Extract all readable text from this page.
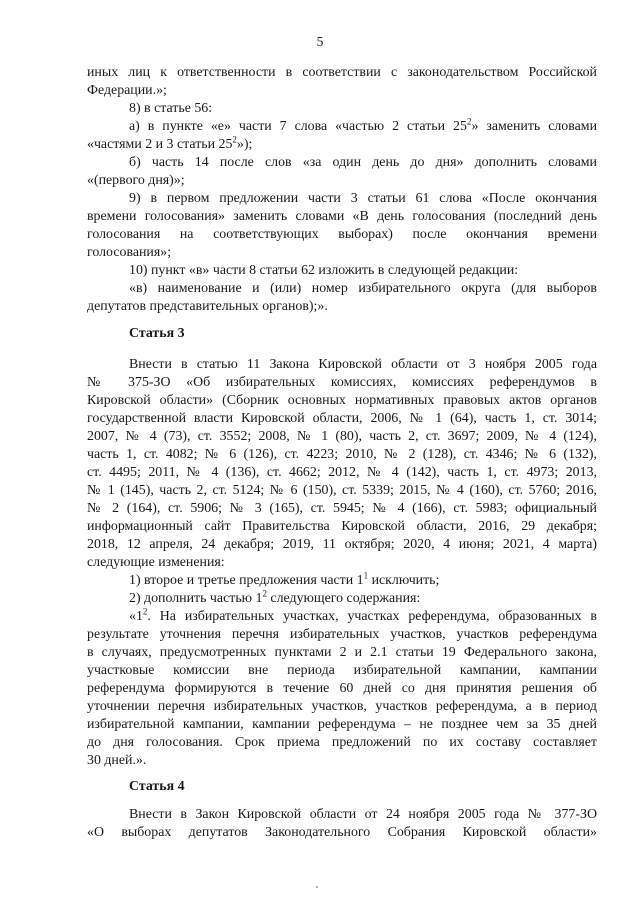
5
иных лиц к ответственности в соответствии с законодательством Российской
Федерации.»;
8) в статье 56:
а) в пункте «е» части 7 слова «частью 2 статьи $25^2$» заменить словами
«частями 2 и 3 статьи $25^2$»);
б) часть 14 после слов «за один день до дня» дополнить словами
«(первого дня)»;
9) в первом предложении части 3 статьи 61 слова «После окончания
времени голосования» заменить словами «В день голосования (последний день
голосования на соответствующих выборах) после окончания времени
голосования»;
10) пункт «в» части 8 статьи 62 изложить в следующей редакции:
«в) наименование и (или) номер избирательного округа (для выборов
депутатов представительных органов);».
Статья 3
Внести в статью 11 Закона Кировской области от 3 ноября 2005 года
№ 375-ЗО «Об избирательных комиссиях, комиссиях референдумов в
Кировской области» (Сборник основных нормативных правовых актов органов
государственной власти Кировской области, 2006, № 1 (64), часть 1, ст. 3014;
2007, № 4 (73), ст. 3552; 2008, № 1 (80), часть 2, ст. 3697; 2009, № 4 (124),
часть 1, ст. 4082; № 6 (126), ст. 4223; 2010, № 2 (128), ст. 4346; № 6 (132),
ст. 4495; 2011, № 4 (136), ст. 4662; 2012, № 4 (142), часть 1, ст. 4973; 2013,
№ 1 (145), часть 2, ст. 5124; № 6 (150), ст. 5339; 2015, № 4 (160), ст. 5760; 2016,
№ 2 (164), ст. 5906; № 3 (165), ст. 5945; № 4 (166), ст. 5983; официальный
информационный сайт Правительства Кировской области, 2016, 29 декабря;
2018, 12 апреля, 24 декабря; 2019, 11 октября; 2020, 4 июня; 2021, 4 марта)
следующие изменения:
1) второе и третье предложения части $1^1$ исключить;
2) дополнить частью $1^2$ следующего содержания:
«$1^2$. На избирательных участках, участках референдума, образованных в
результате уточнения перечня избирательных участков, участков референдума
в случаях, предусмотренных пунктами 2 и 2.1 статьи 19 Федерального закона,
участковые комиссии вне периода избирательной кампании, кампании
референдума формируются в течение 60 дней со дня принятия решения об
уточнении перечня избирательных участков, участков референдума, а в период
избирательной кампании, кампании референдума – не позднее чем за 35 дней
до дня голосования. Срок приема предложений по их составу составляет
30 дней.».
Статья 4
Внести в Закон Кировской области от 24 ноября 2005 года № 377-ЗО
«О выборах депутатов Законодательного Собрания Кировской области»
